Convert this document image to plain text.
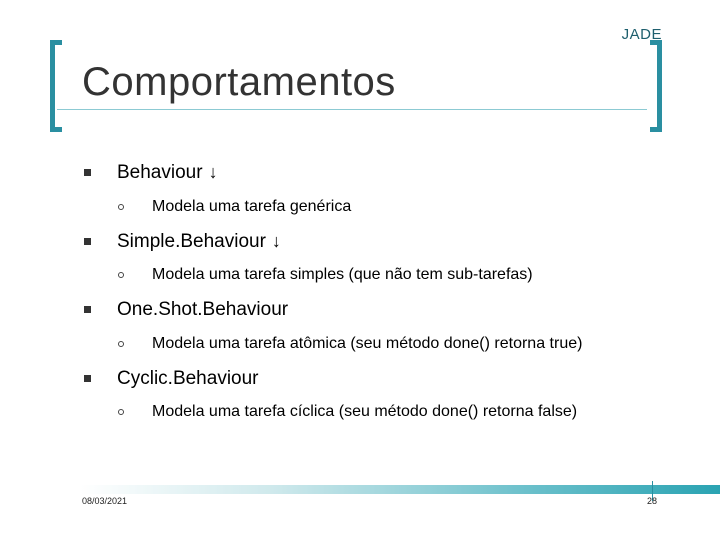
JADE
Comportamentos
Behaviour ↓
Modela uma tarefa genérica
Simple.Behaviour ↓
Modela uma tarefa simples (que não tem sub-tarefas)
One.Shot.Behaviour
Modela uma tarefa atômica (seu método done() retorna true)
Cyclic.Behaviour
Modela uma tarefa cíclica (seu método done() retorna false)
08/03/2021	28
